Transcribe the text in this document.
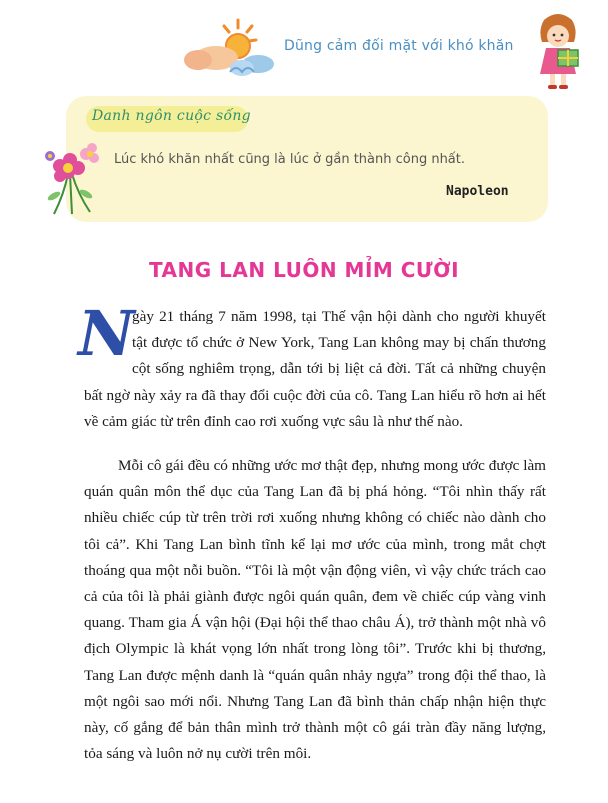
Dũng cảm đối mặt với khó khăn
Danh ngôn cuộc sống
Lúc khó khăn nhất cũng là lúc ở gần thành công nhất.
Napoleon
TANG LAN LUÔN MỈM CƯỜI

N
gày 21 tháng 7 năm 1998, tại Thế vận hội dành cho người khuyết tật được tổ chức ở New York, Tang Lan không may bị chấn thương cột sống nghiêm trọng, dẫn tới bị liệt cả đời. Tất cả những chuyện bất ngờ này xảy ra đã thay đổi cuộc đời của cô. Tang Lan hiểu rõ hơn ai hết về cảm giác từ trên đỉnh cao rơi xuống vực sâu là như thế nào.

Mỗi cô gái đều có những ước mơ thật đẹp, nhưng mong ước được làm quán quân môn thể dục của Tang Lan đã bị phá hỏng. “Tôi nhìn thấy rất nhiều chiếc cúp từ trên trời rơi xuống nhưng không có chiếc nào dành cho tôi cả”. Khi Tang Lan bình tĩnh kể lại mơ ước của mình, trong mắt chợt thoáng qua một nỗi buồn. “Tôi là một vận động viên, vì vậy chức trách cao cả của tôi là phải giành được ngôi quán quân, đem về chiếc cúp vàng vinh quang. Tham gia Á vận hội (Đại hội thể thao châu Á), trở thành một nhà vô địch Olympic là khát vọng lớn nhất trong lòng tôi”. Trước khi bị thương, Tang Lan được mệnh danh là “quán quân nhảy ngựa” trong đội thể thao, là một ngôi sao mới nổi. Nhưng Tang Lan đã bình thản chấp nhận hiện thực này, cố gắng để bản thân mình trở thành một cô gái tràn đầy năng lượng, tỏa sáng và luôn nở nụ cười trên môi.
